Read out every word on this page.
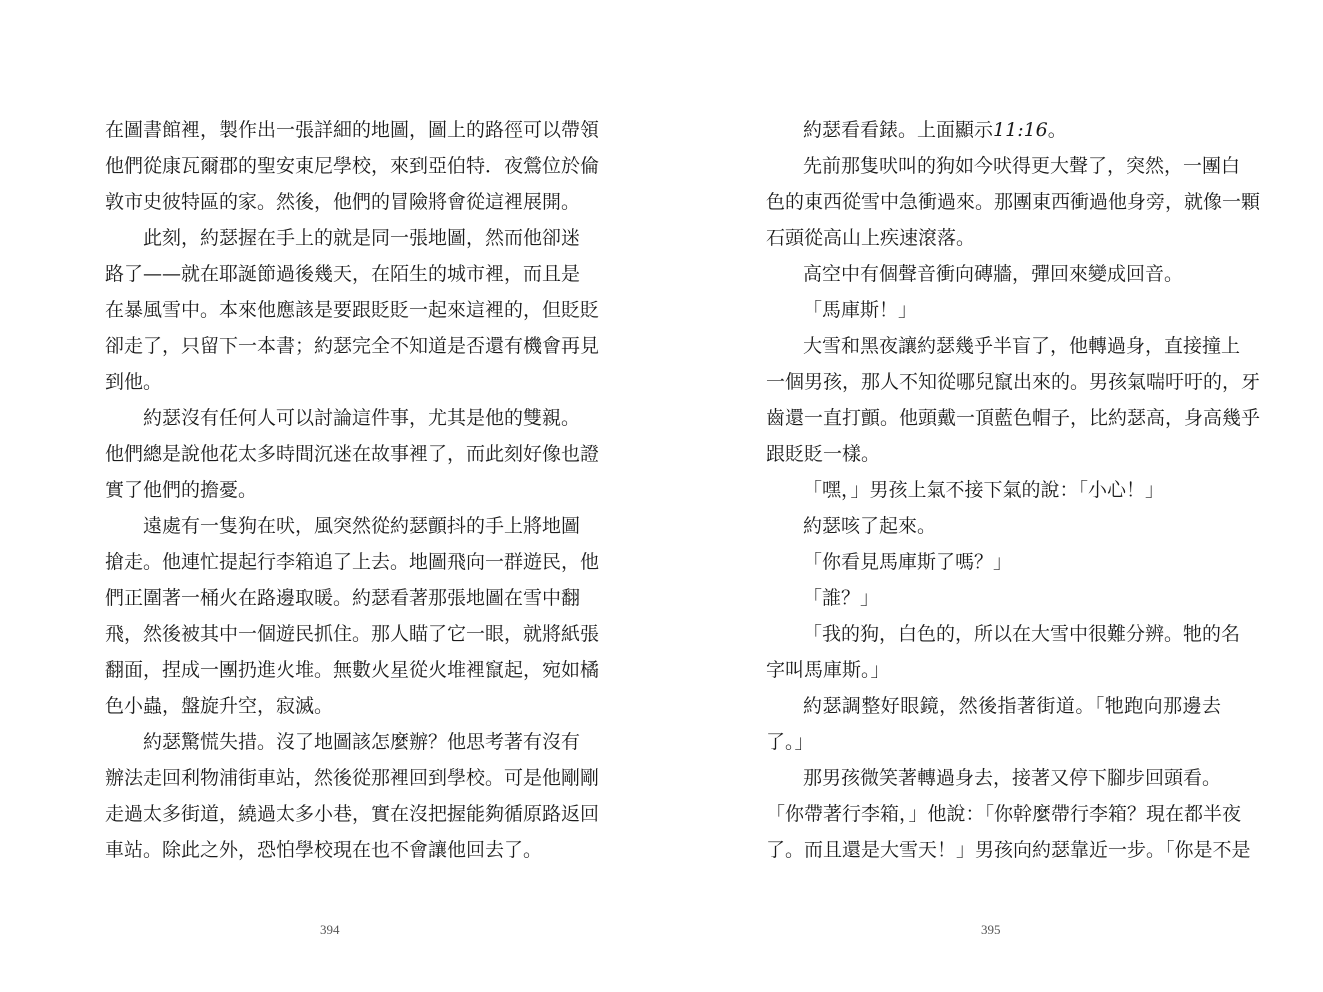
在圖書館裡，製作出一張詳細的地圖，圖上的路徑可以帶領
他們從康瓦爾郡的聖安東尼學校，來到亞伯特．夜鶯位於倫
敦市史彼特區的家。然後，他們的冒險將會從這裡展開。
此刻，約瑟握在手上的就是同一張地圖，然而他卻迷
路了——就在耶誕節過後幾天，在陌生的城市裡，而且是
在暴風雪中。本來他應該是要跟貶貶一起來這裡的，但貶貶
卻走了，只留下一本書；約瑟完全不知道是否還有機會再見
到他。
約瑟沒有任何人可以討論這件事，尤其是他的雙親。
他們總是說他花太多時間沉迷在故事裡了，而此刻好像也證
實了他們的擔憂。
遠處有一隻狗在吠，風突然從約瑟顫抖的手上將地圖
搶走。他連忙提起行李箱追了上去。地圖飛向一群遊民，他
們正圍著一桶火在路邊取暖。約瑟看著那張地圖在雪中翻
飛，然後被其中一個遊民抓住。那人瞄了它一眼，就將紙張
翻面，捏成一團扔進火堆。無數火星從火堆裡竄起，宛如橘
色小蟲，盤旋升空，寂滅。
約瑟驚慌失措。沒了地圖該怎麼辦？他思考著有沒有
辦法走回利物浦街車站，然後從那裡回到學校。可是他剛剛
走過太多街道，繞過太多小巷，實在沒把握能夠循原路返回
車站。除此之外，恐怕學校現在也不會讓他回去了。
394
約瑟看看錶。上面顯示11:16。
先前那隻吠叫的狗如今吠得更大聲了，突然，一團白
色的東西從雪中急衝過來。那團東西衝過他身旁，就像一顆
石頭從高山上疾速滾落。
高空中有個聲音衝向磚牆，彈回來變成回音。
「馬庫斯！」
大雪和黑夜讓約瑟幾乎半盲了，他轉過身，直接撞上
一個男孩，那人不知從哪兒竄出來的。男孩氣喘吁吁的，牙
齒還一直打顫。他頭戴一頂藍色帽子，比約瑟高，身高幾乎
跟貶貶一樣。
「嘿，」男孩上氣不接下氣的說：「小心！」
約瑟咳了起來。
「你看見馬庫斯了嗎？」
「誰？」
「我的狗，白色的，所以在大雪中很難分辨。牠的名
字叫馬庫斯。」
約瑟調整好眼鏡，然後指著街道。「牠跑向那邊去
了。」
那男孩微笑著轉過身去，接著又停下腳步回頭看。
「你帶著行李箱，」他說：「你幹麼帶行李箱？現在都半夜
了。而且還是大雪天！」男孩向約瑟靠近一步。「你是不是
395
